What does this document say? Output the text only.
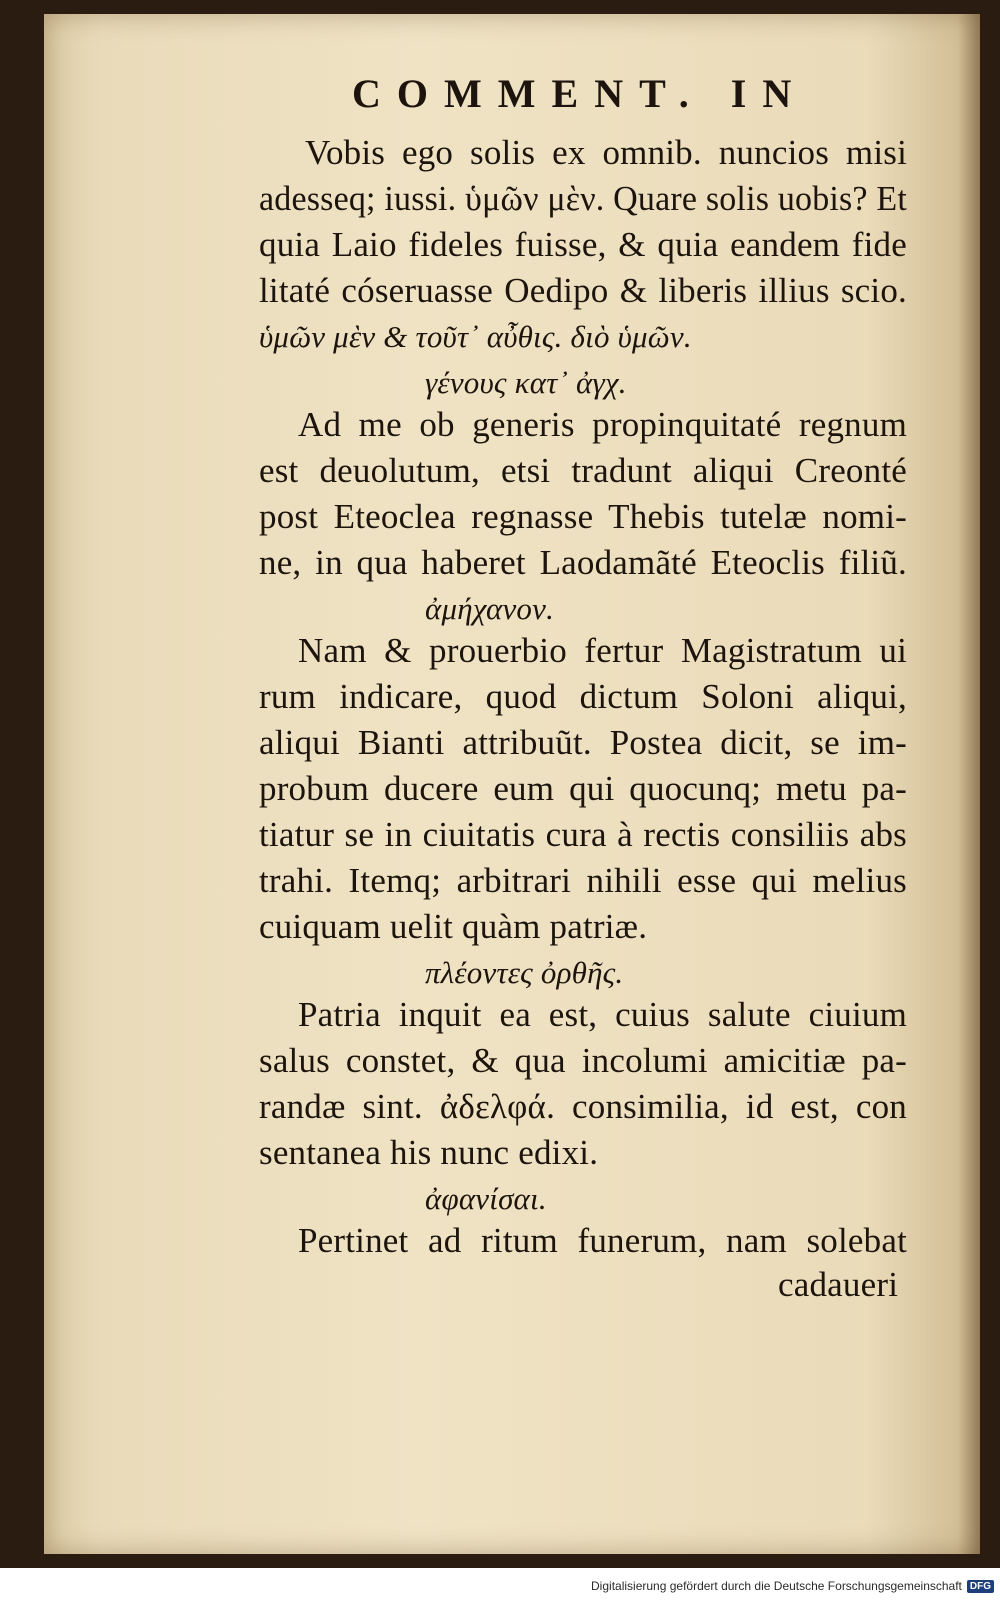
COMMENT. IN

Vobis ego solis ex omnib. nuncios misi

adesseq; iussi. ὑμῶν μὲν. Quare solis uobis? Et

quia Laio fideles fuisse, & quia eandem fide

litaté cóseruasse Oedipo & liberis illius scio.

ὑμῶν μὲν & τοῦτ᾽ αὖθις. διὸ ὑμῶν.

γένους κατ᾽ ἀγχ.

Ad me ob generis propinquitaté regnum

est deuolutum, etsi tradunt aliqui Creonté

post Eteoclea regnasse Thebis tutelæ nomi-

ne, in qua haberet Laodamãté Eteoclis filiũ.

ἀμήχανον.

Nam & prouerbio fertur Magistratum ui

rum indicare, quod dictum Soloni aliqui,

aliqui Bianti attribuũt. Postea dicit, se im-

probum ducere eum qui quocunq; metu pa-

tiatur se in ciuitatis cura à rectis consiliis abs

trahi. Itemq; arbitrari nihili esse qui melius

cuiquam uelit quàm patriæ.

πλέοντες ὀρθῆς.

Patria inquit ea est, cuius salute ciuium

salus constet, & qua incolumi amicitiæ pa-

randæ sint. ἀδελφά. consimilia, id est, con

sentanea his nunc edixi.

ἀφανίσαι.

Pertinet ad ritum funerum, nam solebat

cadaueri

Digitalisierung gefördert durch die Deutsche Forschungsgemeinschaft DFG
